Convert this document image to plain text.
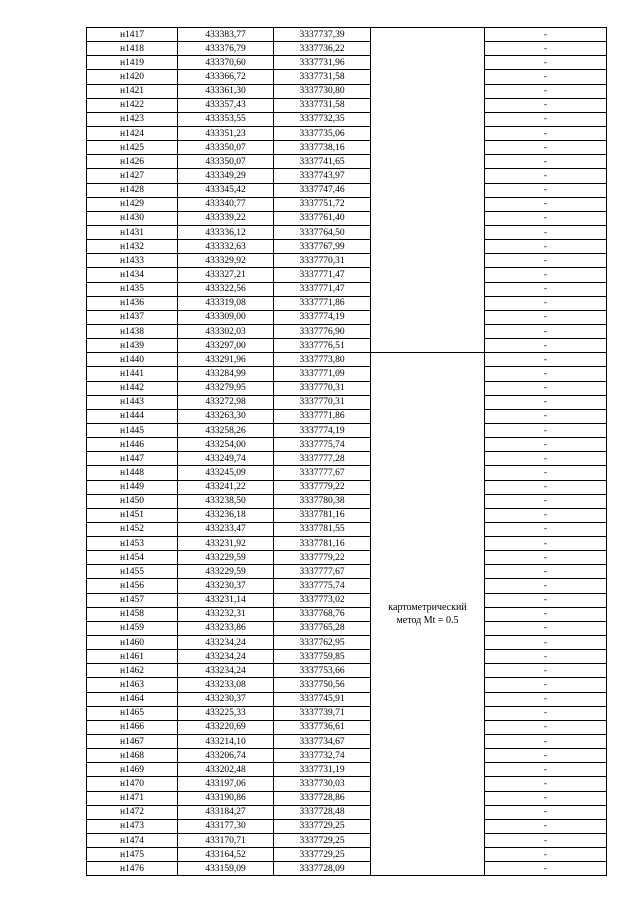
н1417	433383,77	3337737,39		-
н1418	433376,79	3337736,22		-
н1419	433370,60	3337731,96		-
н1420	433366,72	3337731,58		-
н1421	433361,30	3337730,80		-
н1422	433357,43	3337731,58		-
н1423	433353,55	3337732,35		-
н1424	433351,23	3337735,06		-
н1425	433350,07	3337738,16		-
н1426	433350,07	3337741,65		-
н1427	433349,29	3337743,97		-
н1428	433345,42	3337747,46		-
н1429	433340,77	3337751,72		-
н1430	433339,22	3337761,40		-
н1431	433336,12	3337764,50		-
н1432	433332,63	3337767,99		-
н1433	433329,92	3337770,31		-
н1434	433327,21	3337771,47		-
н1435	433322,56	3337771,47		-
н1436	433319,08	3337771,86		-
н1437	433309,00	3337774,19		-
н1438	433302,03	3337776,90		-
н1439	433297,00	3337776,51		-
н1440	433291,96	3337773,80	картометрический
метод Mt = 0.5	-
н1441	433284,99	3337771,09		-
н1442	433279,95	3337770,31		-
н1443	433272,98	3337770,31		-
н1444	433263,30	3337771,86		-
н1445	433258,26	3337774,19		-
н1446	433254,00	3337775,74		-
н1447	433249,74	3337777,28		-
н1448	433245,09	3337777,67		-
н1449	433241,22	3337779,22		-
н1450	433238,50	3337780,38		-
н1451	433236,18	3337781,16		-
н1452	433233,47	3337781,55		-
н1453	433231,92	3337781,16		-
н1454	433229,59	3337779,22		-
н1455	433229,59	3337777,67		-
н1456	433230,37	3337775,74		-
н1457	433231,14	3337773,02		-
н1458	433232,31	3337768,76		-
н1459	433233,86	3337765,28		-
н1460	433234,24	3337762,95		-
н1461	433234,24	3337759,85		-
н1462	433234,24	3337753,66		-
н1463	433233,08	3337750,56		-
н1464	433230,37	3337745,91		-
н1465	433225,33	3337739,71		-
н1466	433220,69	3337736,61		-
н1467	433214,10	3337734,67		-
н1468	433206,74	3337732,74		-
н1469	433202,48	3337731,19		-
н1470	433197,06	3337730,03		-
н1471	433190,86	3337728,86		-
н1472	433184,27	3337728,48		-
н1473	433177,30	3337729,25		-
н1474	433170,71	3337729,25		-
н1475	433164,52	3337729,25		-
н1476	433159,09	3337728,09		-
